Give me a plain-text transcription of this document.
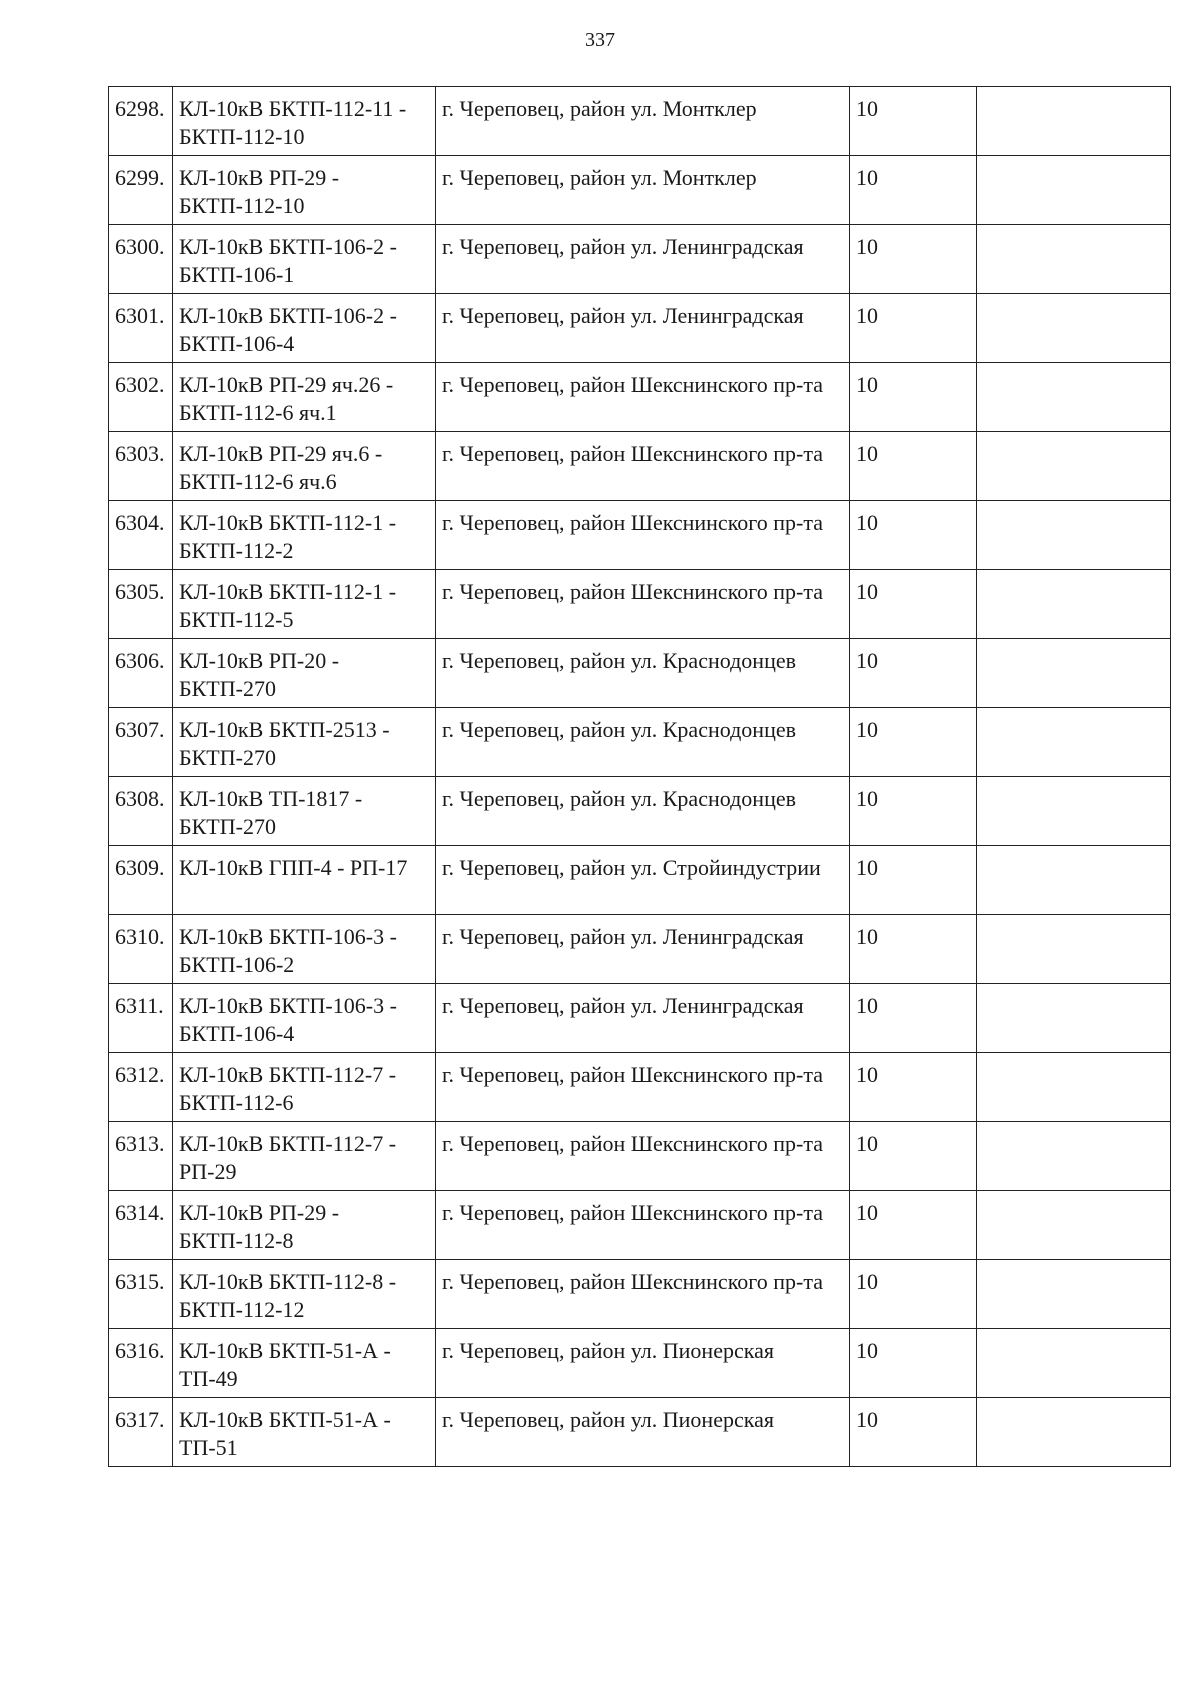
337
6298.	КЛ-10кВ БКТП-112-11 - БКТП-112-10	г. Череповец, район ул. Монтклер	10	
6299.	КЛ-10кВ РП-29 - БКТП-112-10	г. Череповец, район ул. Монтклер	10	
6300.	КЛ-10кВ БКТП-106-2 - БКТП-106-1	г. Череповец, район ул. Ленинградская	10	
6301.	КЛ-10кВ БКТП-106-2 - БКТП-106-4	г. Череповец, район ул. Ленинградская	10	
6302.	КЛ-10кВ РП-29 яч.26 - БКТП-112-6 яч.1	г. Череповец, район Шекснинского пр-та	10	
6303.	КЛ-10кВ РП-29 яч.6 - БКТП-112-6 яч.6	г. Череповец, район Шекснинского пр-та	10	
6304.	КЛ-10кВ БКТП-112-1 - БКТП-112-2	г. Череповец, район Шекснинского пр-та	10	
6305.	КЛ-10кВ БКТП-112-1 - БКТП-112-5	г. Череповец, район Шекснинского пр-та	10	
6306.	КЛ-10кВ РП-20 - БКТП-270	г. Череповец, район ул. Краснодонцев	10	
6307.	КЛ-10кВ БКТП-2513 - БКТП-270	г. Череповец, район ул. Краснодонцев	10	
6308.	КЛ-10кВ ТП-1817 - БКТП-270	г. Череповец, район ул. Краснодонцев	10	
6309.	КЛ-10кВ ГПП-4 - РП-17	г. Череповец, район ул. Стройиндустрии	10	
6310.	КЛ-10кВ БКТП-106-3 - БКТП-106-2	г. Череповец, район ул. Ленинградская	10	
6311.	КЛ-10кВ БКТП-106-3 - БКТП-106-4	г. Череповец, район ул. Ленинградская	10	
6312.	КЛ-10кВ БКТП-112-7 - БКТП-112-6	г. Череповец, район Шекснинского пр-та	10	
6313.	КЛ-10кВ БКТП-112-7 - РП-29	г. Череповец, район Шекснинского пр-та	10	
6314.	КЛ-10кВ РП-29 - БКТП-112-8	г. Череповец, район Шекснинского пр-та	10	
6315.	КЛ-10кВ БКТП-112-8 - БКТП-112-12	г. Череповец, район Шекснинского пр-та	10	
6316.	КЛ-10кВ БКТП-51-А - ТП-49	г. Череповец, район ул. Пионерская	10	
6317.	КЛ-10кВ БКТП-51-А - ТП-51	г. Череповец, район ул. Пионерская	10	
